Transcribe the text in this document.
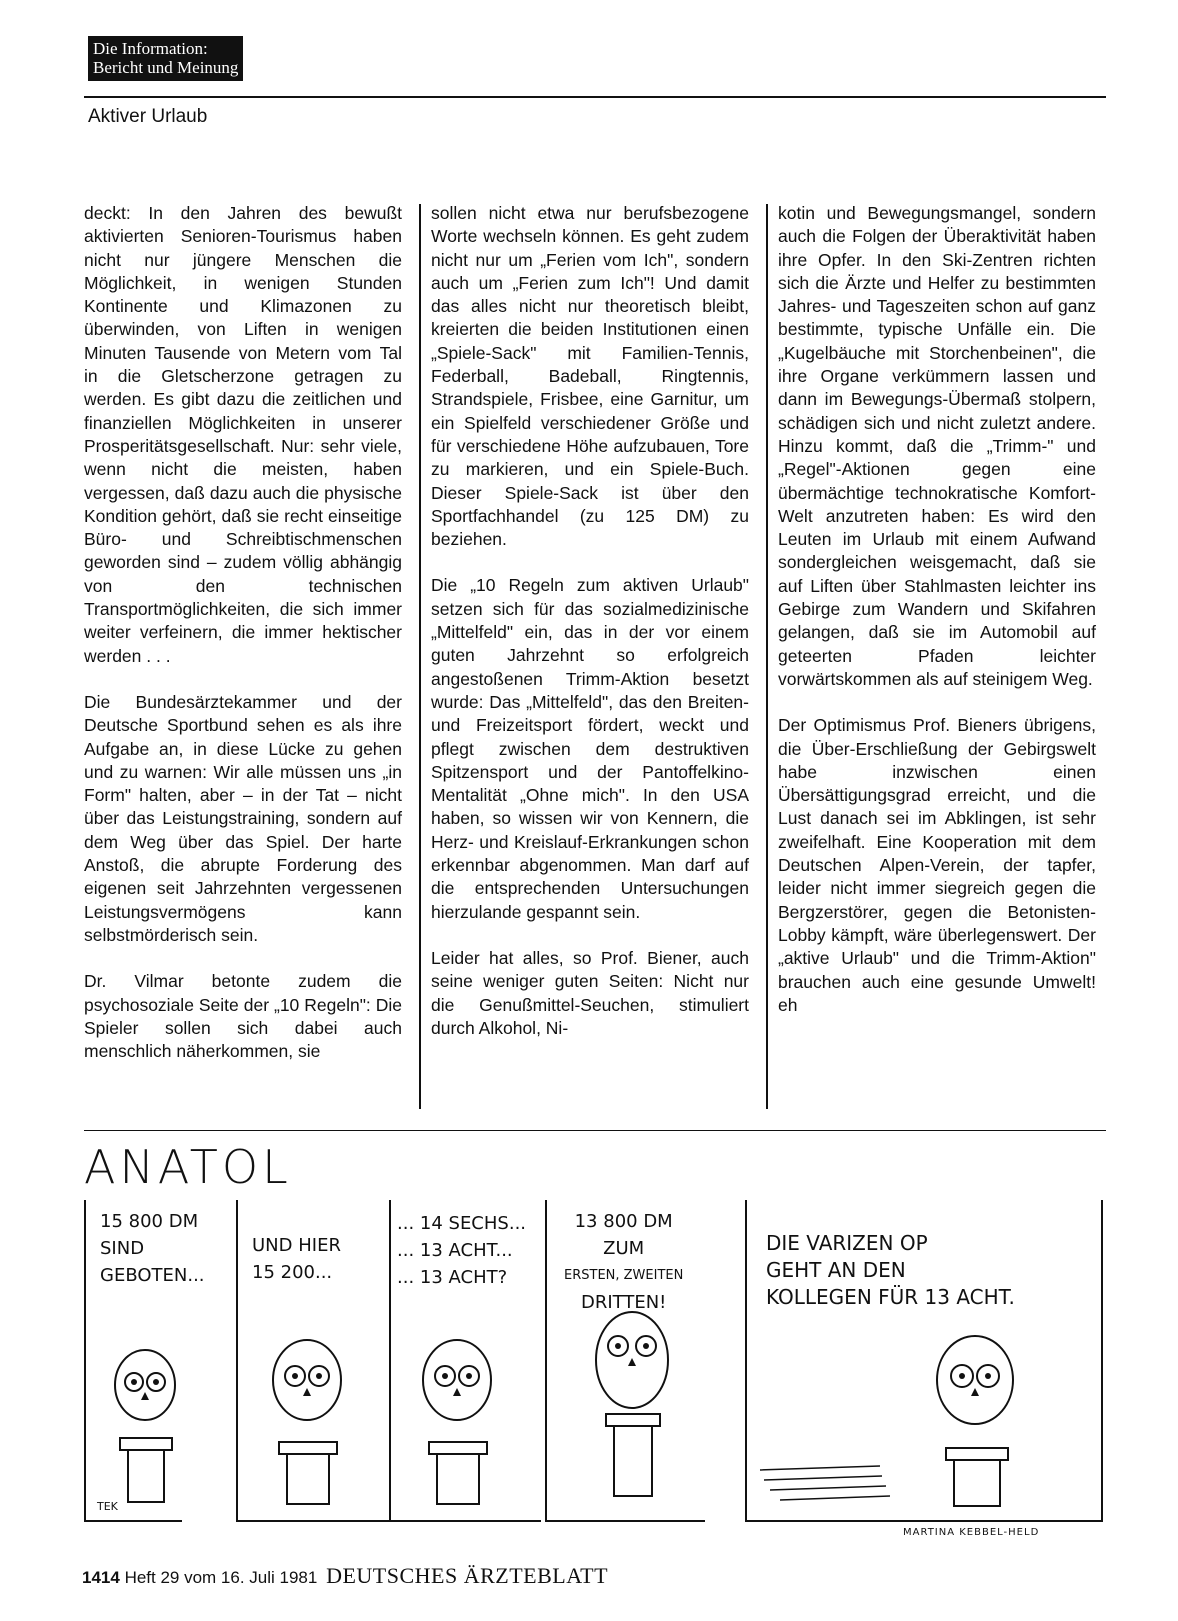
Die Information:
Bericht und Meinung
Aktiver Urlaub

deckt: In den Jahren des bewußt aktivierten Senioren-Tourismus haben nicht nur jüngere Menschen die Möglichkeit, in wenigen Stunden Kontinente und Klimazonen zu überwinden, von Liften in wenigen Minuten Tausende von Metern vom Tal in die Gletscherzone getragen zu werden. Es gibt dazu die zeitlichen und finanziellen Möglichkeiten in unserer Prosperitätsgesellschaft. Nur: sehr viele, wenn nicht die meisten, haben vergessen, daß dazu auch die physische Kondition gehört, daß sie recht einseitige Büro- und Schreibtischmenschen geworden sind – zudem völlig abhängig von den technischen Transportmöglichkeiten, die sich immer weiter verfeinern, die immer hektischer werden . . .

Die Bundesärztekammer und der Deutsche Sportbund sehen es als ihre Aufgabe an, in diese Lücke zu gehen und zu warnen: Wir alle müssen uns „in Form" halten, aber – in der Tat – nicht über das Leistungstraining, sondern auf dem Weg über das Spiel. Der harte Anstoß, die abrupte Forderung des eigenen seit Jahrzehnten vergessenen Leistungsvermögens kann selbstmörderisch sein.

Dr. Vilmar betonte zudem die psychosoziale Seite der „10 Regeln": Die Spieler sollen sich dabei auch menschlich näherkommen, sie

sollen nicht etwa nur berufsbezogene Worte wechseln können. Es geht zudem nicht nur um „Ferien vom Ich", sondern auch um „Ferien zum Ich"! Und damit das alles nicht nur theoretisch bleibt, kreierten die beiden Institutionen einen „Spiele-Sack" mit Familien-Tennis, Federball, Badeball, Ringtennis, Strandspiele, Frisbee, eine Garnitur, um ein Spielfeld verschiedener Größe und für verschiedene Höhe aufzubauen, Tore zu markieren, und ein Spiele-Buch. Dieser Spiele-Sack ist über den Sportfachhandel (zu 125 DM) zu beziehen.

Die „10 Regeln zum aktiven Urlaub" setzen sich für das sozialmedizinische „Mittelfeld" ein, das in der vor einem guten Jahrzehnt so erfolgreich angestoßenen Trimm-Aktion besetzt wurde: Das „Mittelfeld", das den Breiten- und Freizeitsport fördert, weckt und pflegt zwischen dem destruktiven Spitzensport und der Pantoffelkino-Mentalität „Ohne mich". In den USA haben, so wissen wir von Kennern, die Herz- und Kreislauf-Erkrankungen schon erkennbar abgenommen. Man darf auf die entsprechenden Untersuchungen hierzulande gespannt sein.

Leider hat alles, so Prof. Biener, auch seine weniger guten Seiten: Nicht nur die Genußmittel-Seuchen, stimuliert durch Alkohol, Ni-

kotin und Bewegungsmangel, sondern auch die Folgen der Überaktivität haben ihre Opfer. In den Ski-Zentren richten sich die Ärzte und Helfer zu bestimmten Jahres- und Tageszeiten schon auf ganz bestimmte, typische Unfälle ein. Die „Kugelbäuche mit Storchenbeinen", die ihre Organe verkümmern lassen und dann im Bewegungs-Übermaß stolpern, schädigen sich und nicht zuletzt andere. Hinzu kommt, daß die „Trimm-" und „Regel"-Aktionen gegen eine übermächtige technokratische Komfort-Welt anzutreten haben: Es wird den Leuten im Urlaub mit einem Aufwand sondergleichen weisgemacht, daß sie auf Liften über Stahlmasten leichter ins Gebirge zum Wandern und Skifahren gelangen, daß sie im Automobil auf geteerten Pfaden leichter vorwärtskommen als auf steinigem Weg.

Der Optimismus Prof. Bieners übrigens, die Über-Erschließung der Gebirgswelt habe inzwischen einen Übersättigungsgrad erreicht, und die Lust danach sei im Abklingen, ist sehr zweifelhaft. Eine Kooperation mit dem Deutschen Alpen-Verein, der tapfer, leider nicht immer siegreich gegen die Bergzerstörer, gegen die Betonisten-Lobby kämpft, wäre überlegenswert. Der „aktive Urlaub" und die Trimm-Aktion" brauchen auch eine gesunde Umwelt! eh

ANATOL
15 800 DM
SIND
GEBOTEN...
UND HIER
15 200...
... 14 SECHS...
... 13 ACHT...
... 13 ACHT?
13 800 DM
ZUM
ERSTEN, ZWEITEN
DRITTEN!
DIE VARIZEN OP
GEHT AN DEN
KOLLEGEN FÜR 13 ACHT.
TEK
MARTINA KEBBEL-HELD
1414 Heft 29 vom 16. Juli 1981 DEUTSCHES ÄRZTEBLATT
